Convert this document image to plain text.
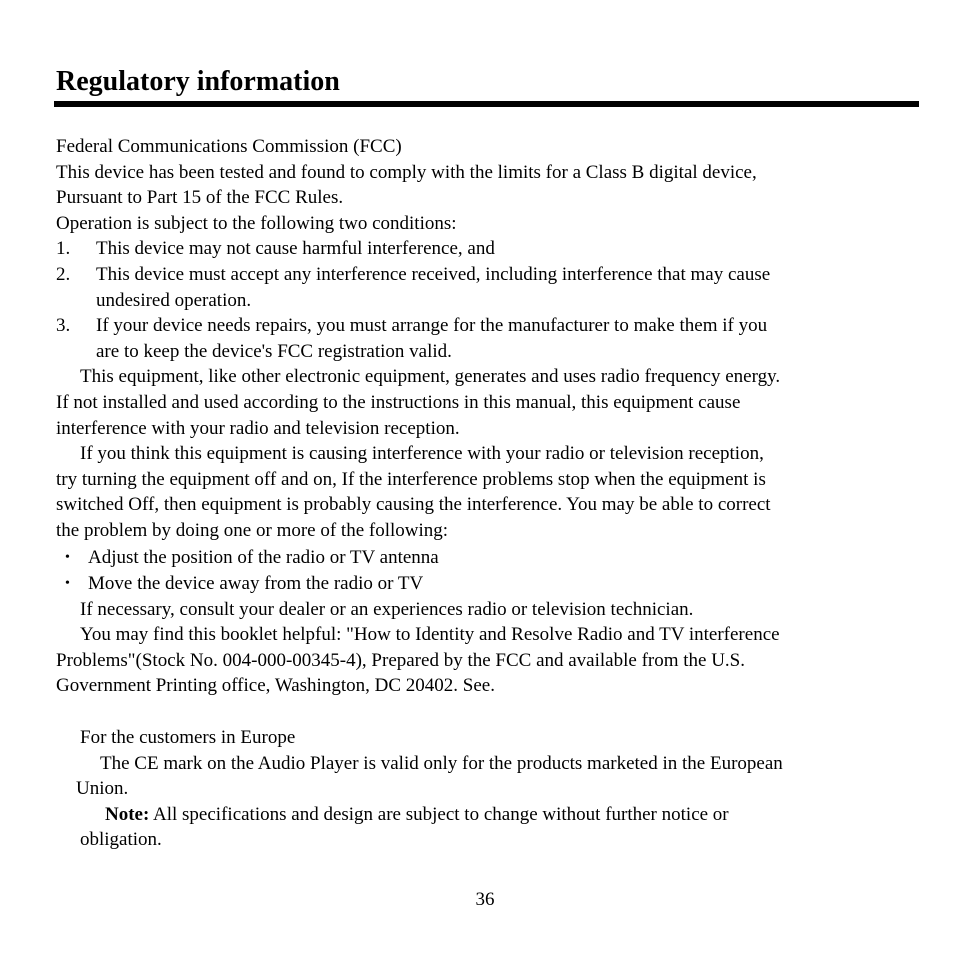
Regulatory information
Federal Communications Commission (FCC)
This device has been tested and found to comply with the limits for a Class B digital device,
Pursuant to Part 15 of the FCC Rules.
Operation is subject to the following two conditions:
1. This device may not cause harmful interference, and
2. This device must accept any interference received, including interference that may cause
undesired operation.
3. If your device needs repairs, you must arrange for the manufacturer to make them if you
are to keep the device's FCC registration valid.
This equipment, like other electronic equipment, generates and uses radio frequency energy.
If not installed and used according to the instructions in this manual, this equipment cause
interference with your radio and television reception.
If you think this equipment is causing interference with your radio or television reception,
try turning the equipment off and on, If the interference problems stop when the equipment is
switched Off, then equipment is probably causing the interference. You may be able to correct
the problem by doing one or more of the following:
• Adjust the position of the radio or TV antenna
• Move the device away from the radio or TV
If necessary, consult your dealer or an experiences radio or television technician.
You may find this booklet helpful: "How to Identity and Resolve Radio and TV interference
Problems"(Stock No. 004-000-00345-4), Prepared by the FCC and available from the U.S.
Government Printing office, Washington, DC 20402. See.
For the customers in Europe
The CE mark on the Audio Player is valid only for the products marketed in the European
Union.
Note: All specifications and design are subject to change without further notice or
obligation.
36
